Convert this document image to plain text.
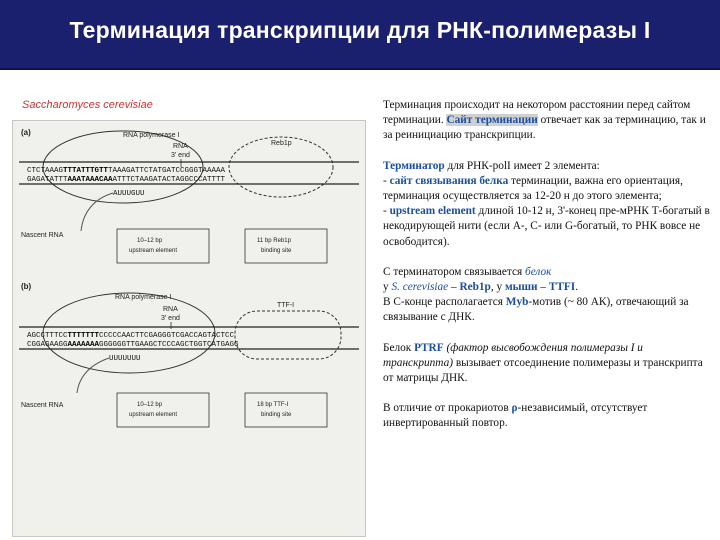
Терминация транскрипции для РНК-полимеразы I
Saccharomyces cerevisiae
(a)	RNA polymerase I
RNA
3' end
Reb1p
CTCTAAAGTTTATTTGTTTAAAGATTCTATGATCCGGGTAAAAA
GAGATATTTAAATAAACAAATTTCTAAGATACTAGGCCCATTTT
AUUUGUU
Nascent RNA
10–12 bp
upstream element
11 bp Reb1p
binding site
(b)
RNA polymerase I
RNA
3' end
TTF-I
AGCCTTTCCTTTTTTTCCCCCAACTTCGAGGGTCGACCAGTACTCC
CGGAGAAGGAAAAAAAGGGGGGTTGAAGCTCCCAGCTGGTCATGAGG
UUUUUUU
Nascent RNA	10–12 bp
upstream element
18 bp TTF-I
binding site

Терминация происходит на некотором расстоянии перед сайтом терминации. Сайт терминации отвечает как за терминацию, так и за реинициацию транскрипции.

Терминатор для РНК-polI имеет 2 элемента:
- сайт связывания белка терминации, важна его ориентация, терминация осуществляется за 12-20 н до этого элемента;
- upstream element длиной 10-12 н, 3'-конец пре-мРНК Т-богатый в некодирующей нити (если А-, С- или G-богатый, то РНК вовсе не освободится).

С терминатором связывается белок
у S. cerevisiae – Reb1p, у мыши – TTFI.
В С-конце располагается Myb-мотив (~ 80 АК), отвечающий за связывание с ДНК.

Белок PTRF (фактор высвобождения полимеразы I и транскрипта) вызывает отсоединение полимеразы и транскрипта от матрицы ДНК.

В отличие от прокариотов ρ-независимый, отсутствует инвертированный повтор.
